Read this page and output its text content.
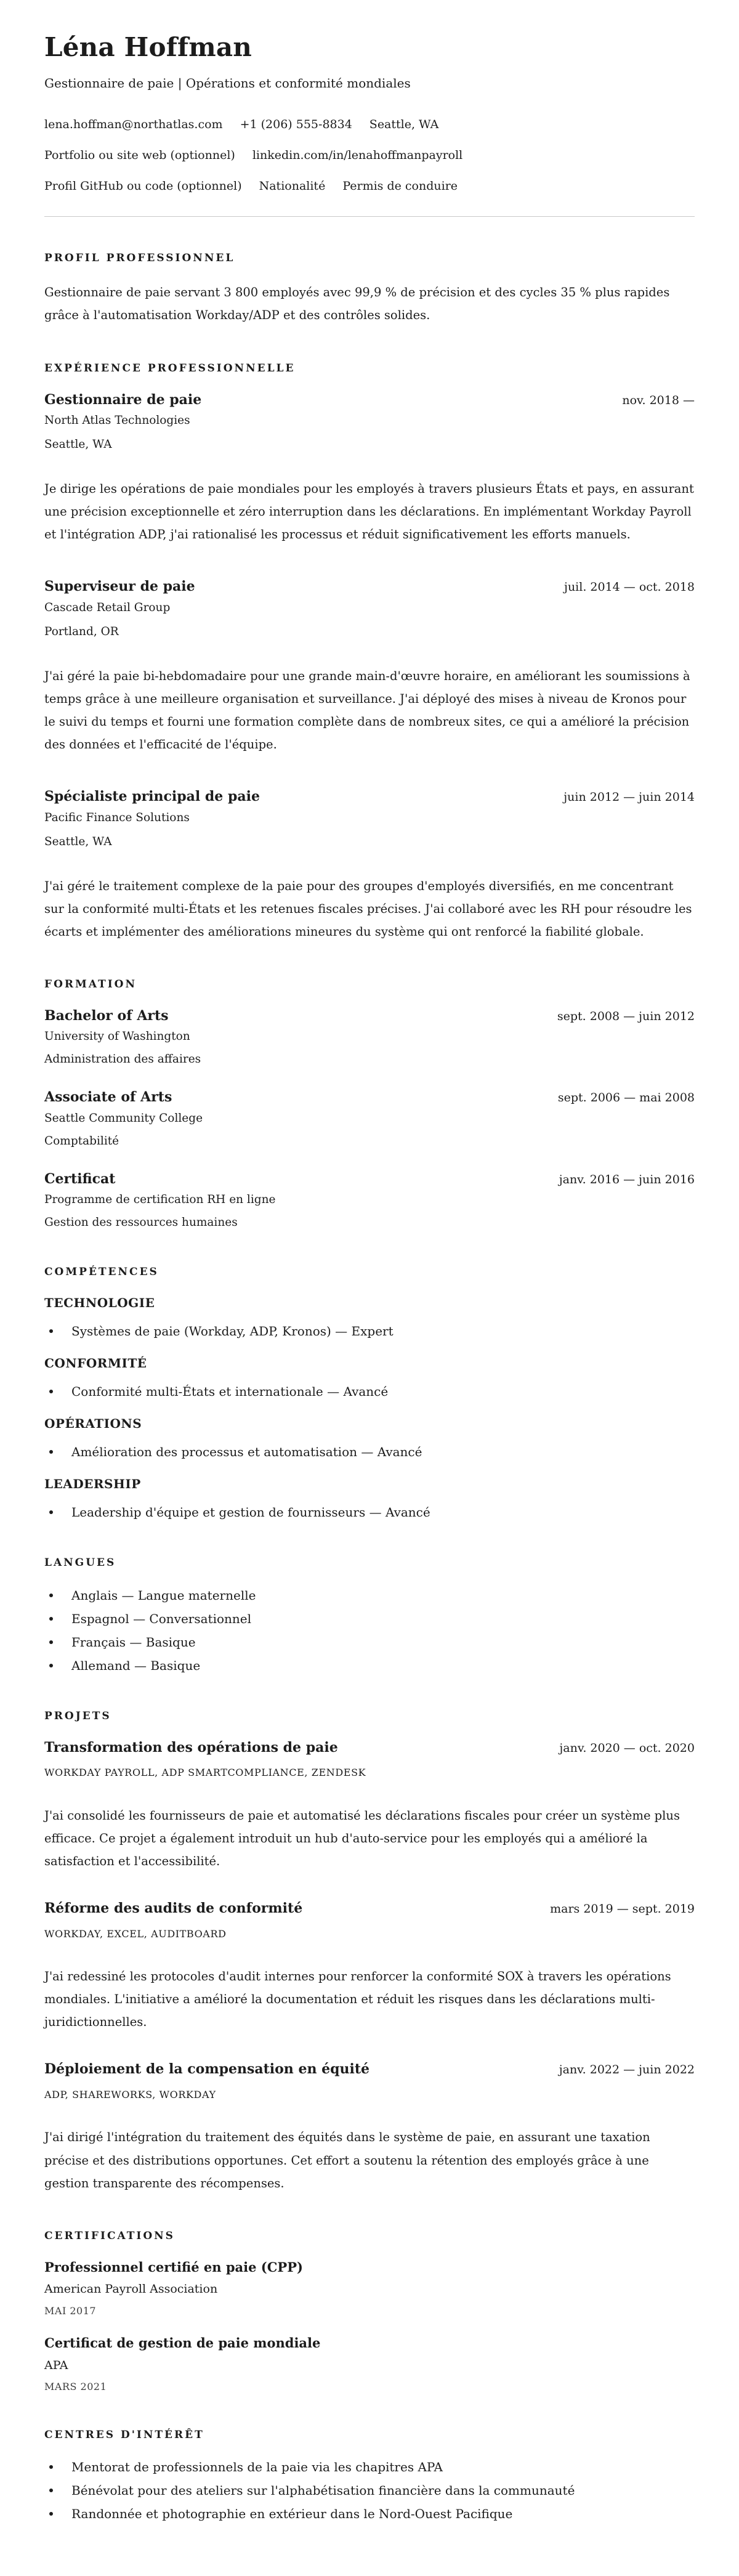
Léna Hoffman
Gestionnaire de paie | Opérations et conformité mondiales
lena.hoffman@northatlas.com +1 (206) 555-8834 Seattle, WA
Portfolio ou site web (optionnel) linkedin.com/in/lenahoffmanpayroll
Profil GitHub ou code (optionnel) Nationalité Permis de conduire
PROFIL PROFESSIONNEL

Gestionnaire de paie servant 3 800 employés avec 99,9 % de précision et des cycles 35 % plus rapides grâce à l'automatisation Workday/ADP et des contrôles solides.

EXPÉRIENCE PROFESSIONNELLE
Gestionnaire de paie	nov. 2018 —
North Atlas Technologies
Seattle, WA

Je dirige les opérations de paie mondiales pour les employés à travers plusieurs États et pays, en assurant une précision exceptionnelle et zéro interruption dans les déclarations. En implémentant Workday Payroll et l'intégration ADP, j'ai rationalisé les processus et réduit significativement les efforts manuels.

Superviseur de paie	juil. 2014 — oct. 2018
Cascade Retail Group
Portland, OR

J'ai géré la paie bi-hebdomadaire pour une grande main-d'œuvre horaire, en améliorant les soumissions à temps grâce à une meilleure organisation et surveillance. J'ai déployé des mises à niveau de Kronos pour le suivi du temps et fourni une formation complète dans de nombreux sites, ce qui a amélioré la précision des données et l'efficacité de l'équipe.

Spécialiste principal de paie	juin 2012 — juin 2014
Pacific Finance Solutions
Seattle, WA

J'ai géré le traitement complexe de la paie pour des groupes d'employés diversifiés, en me concentrant sur la conformité multi-États et les retenues fiscales précises. J'ai collaboré avec les RH pour résoudre les écarts et implémenter des améliorations mineures du système qui ont renforcé la fiabilité globale.

FORMATION
Bachelor of Arts	sept. 2008 — juin 2012
University of Washington
Administration des affaires
Associate of Arts	sept. 2006 — mai 2008
Seattle Community College
Comptabilité
Certificat	janv. 2016 — juin 2016
Programme de certification RH en ligne
Gestion des ressources humaines
COMPÉTENCES
TECHNOLOGIE
Systèmes de paie (Workday, ADP, Kronos) — Expert
CONFORMITÉ
Conformité multi-États et internationale — Avancé
OPÉRATIONS
Amélioration des processus et automatisation — Avancé
LEADERSHIP
Leadership d'équipe et gestion de fournisseurs — Avancé
LANGUES
Anglais — Langue maternelle
Espagnol — Conversationnel
Français — Basique
Allemand — Basique
PROJETS
Transformation des opérations de paie	janv. 2020 — oct. 2020
WORKDAY PAYROLL, ADP SMARTCOMPLIANCE, ZENDESK

J'ai consolidé les fournisseurs de paie et automatisé les déclarations fiscales pour créer un système plus efficace. Ce projet a également introduit un hub d'auto-service pour les employés qui a amélioré la satisfaction et l'accessibilité.

Réforme des audits de conformité	mars 2019 — sept. 2019
WORKDAY, EXCEL, AUDITBOARD

J'ai redessiné les protocoles d'audit internes pour renforcer la conformité SOX à travers les opérations mondiales. L'initiative a amélioré la documentation et réduit les risques dans les déclarations multi-juridictionnelles.

Déploiement de la compensation en équité	janv. 2022 — juin 2022
ADP, SHAREWORKS, WORKDAY

J'ai dirigé l'intégration du traitement des équités dans le système de paie, en assurant une taxation précise et des distributions opportunes. Cet effort a soutenu la rétention des employés grâce à une gestion transparente des récompenses.

CERTIFICATIONS
Professionnel certifié en paie (CPP)
American Payroll Association
MAI 2017
Certificat de gestion de paie mondiale
APA
MARS 2021
CENTRES D'INTÉRÊT
Mentorat de professionnels de la paie via les chapitres APA
Bénévolat pour des ateliers sur l'alphabétisation financière dans la communauté
Randonnée et photographie en extérieur dans le Nord-Ouest Pacifique
